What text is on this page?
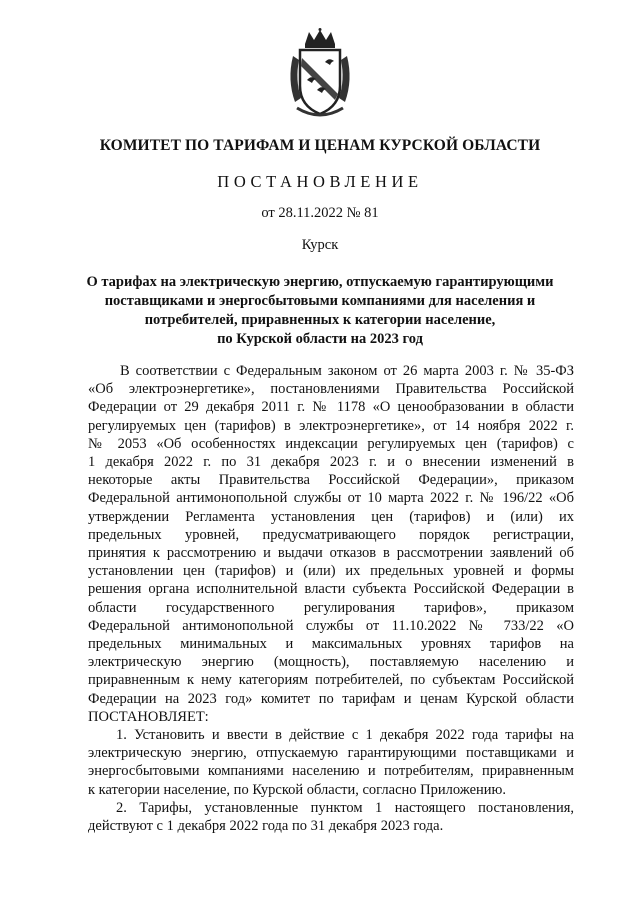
КОМИТЕТ ПО ТАРИФАМ И ЦЕНАМ КУРСКОЙ ОБЛАСТИ
ПОСТАНОВЛЕНИЕ
от 28.11.2022 № 81
Курск
О тарифах на электрическую энергию, отпускаемую гарантирующими
поставщиками и энергосбытовыми компаниями для населения и
потребителей, приравненных к категории население,
по Курской области на 2023 год

В соответствии с Федеральным законом от 26 марта 2003 г. № 35-ФЗ
«Об электроэнергетике», постановлениями Правительства Российской
Федерации от 29 декабря 2011 г. № 1178 «О ценообразовании в области
регулируемых цен (тарифов) в электроэнергетике», от 14 ноября 2022 г.
№ 2053 «Об особенностях индексации регулируемых цен (тарифов) с
1 декабря 2022 г. по 31 декабря 2023 г. и о внесении изменений в
некоторые акты Правительства Российской Федерации», приказом
Федеральной антимонопольной службы от 10 марта 2022 г. № 196/22 «Об
утверждении Регламента установления цен (тарифов) и (или) их
предельных уровней, предусматривающего порядок регистрации,
принятия к рассмотрению и выдачи отказов в рассмотрении заявлений об
установлении цен (тарифов) и (или) их предельных уровней и формы
решения органа исполнительной власти субъекта Российской Федерации в
области государственного регулирования тарифов», приказом
Федеральной антимонопольной службы от 11.10.2022 № 733/22 «О
предельных минимальных и максимальных уровнях тарифов на
электрическую энергию (мощность), поставляемую населению и
приравненным к нему категориям потребителей, по субъектам Российской
Федерации на 2023 год» комитет по тарифам и ценам Курской области
ПОСТАНОВЛЯЕТ:

1. Установить и ввести в действие с 1 декабря 2022 года тарифы на
электрическую энергию, отпускаемую гарантирующими поставщиками и
энергосбытовыми компаниями населению и потребителям, приравненным
к категории население, по Курской области, согласно Приложению.

2. Тарифы, установленные пунктом 1 настоящего постановления,
действуют с 1 декабря 2022 года по 31 декабря 2023 года.
